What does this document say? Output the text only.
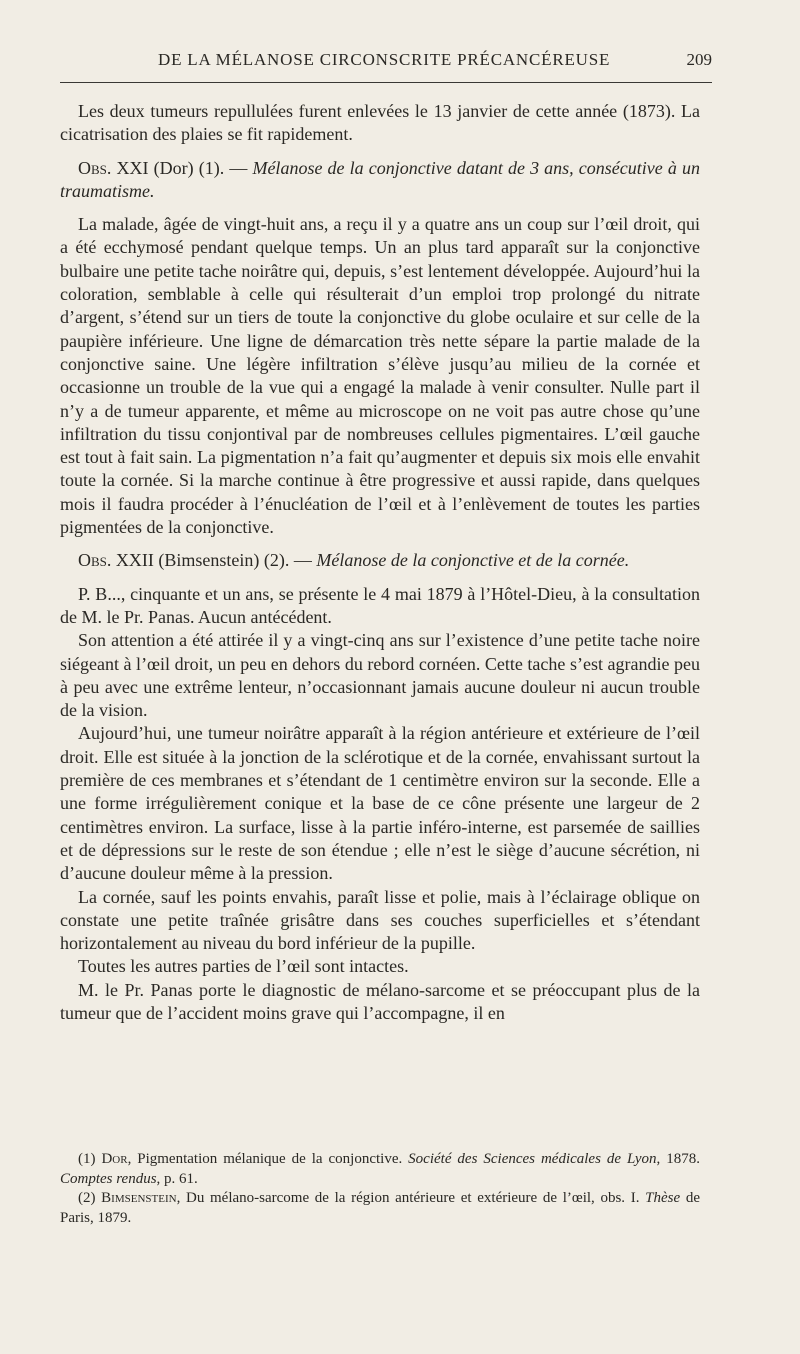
DE LA MÉLANOSE CIRCONSCRITE PRÉCANCÉREUSE	209

Les deux tumeurs repullulées furent enlevées le 13 janvier de cette année (1873). La cicatrisation des plaies se fit rapidement.

Obs. XXI (Dor) (1). — Mélanose de la conjonctive datant de 3 ans, consécutive à un traumatisme.

La malade, âgée de vingt-huit ans, a reçu il y a quatre ans un coup sur l’œil droit, qui a été ecchymosé pendant quelque temps. Un an plus tard apparaît sur la conjonctive bulbaire une petite tache noirâtre qui, depuis, s’est lentement développée. Aujourd’hui la coloration, semblable à celle qui résulterait d’un emploi trop prolongé du nitrate d’argent, s’étend sur un tiers de toute la conjonctive du globe oculaire et sur celle de la paupière inférieure. Une ligne de démarcation très nette sépare la partie malade de la conjonctive saine. Une légère infiltration s’élève jusqu’au milieu de la cornée et occasionne un trouble de la vue qui a engagé la malade à venir consulter. Nulle part il n’y a de tumeur apparente, et même au microscope on ne voit pas autre chose qu’une infiltration du tissu conjontival par de nombreuses cellules pigmentaires. L’œil gauche est tout à fait sain. La pigmentation n’a fait qu’augmenter et depuis six mois elle envahit toute la cornée. Si la marche continue à être progressive et aussi rapide, dans quelques mois il faudra procéder à l’énucléation de l’œil et à l’enlèvement de toutes les parties pigmentées de la conjonctive.

Obs. XXII (Bimsenstein) (2). — Mélanose de la conjonctive et de la cornée.

P. B..., cinquante et un ans, se présente le 4 mai 1879 à l’Hôtel-Dieu, à la consultation de M. le Pr. Panas. Aucun antécédent.

Son attention a été attirée il y a vingt-cinq ans sur l’existence d’une petite tache noire siégeant à l’œil droit, un peu en dehors du rebord cornéen. Cette tache s’est agrandie peu à peu avec une extrême lenteur, n’occasionnant jamais aucune douleur ni aucun trouble de la vision.

Aujourd’hui, une tumeur noirâtre apparaît à la région antérieure et extérieure de l’œil droit. Elle est située à la jonction de la sclérotique et de la cornée, envahissant surtout la première de ces membranes et s’étendant de 1 centimètre environ sur la seconde. Elle a une forme irrégulièrement conique et la base de ce cône présente une largeur de 2 centimètres environ. La surface, lisse à la partie inféro-interne, est parsemée de saillies et de dépressions sur le reste de son étendue ; elle n’est le siège d’aucune sécrétion, ni d’aucune douleur même à la pression.

La cornée, sauf les points envahis, paraît lisse et polie, mais à l’éclairage oblique on constate une petite traînée grisâtre dans ses couches superficielles et s’étendant horizontalement au niveau du bord inférieur de la pupille.

Toutes les autres parties de l’œil sont intactes.

M. le Pr. Panas porte le diagnostic de mélano-sarcome et se préoccupant plus de la tumeur que de l’accident moins grave qui l’accompagne, il en

(1) Dor, Pigmentation mélanique de la conjonctive. Société des Sciences médicales de Lyon, 1878. Comptes rendus, p. 61.

(2) Bimsenstein, Du mélano-sarcome de la région antérieure et extérieure de l’œil, obs. I. Thèse de Paris, 1879.
